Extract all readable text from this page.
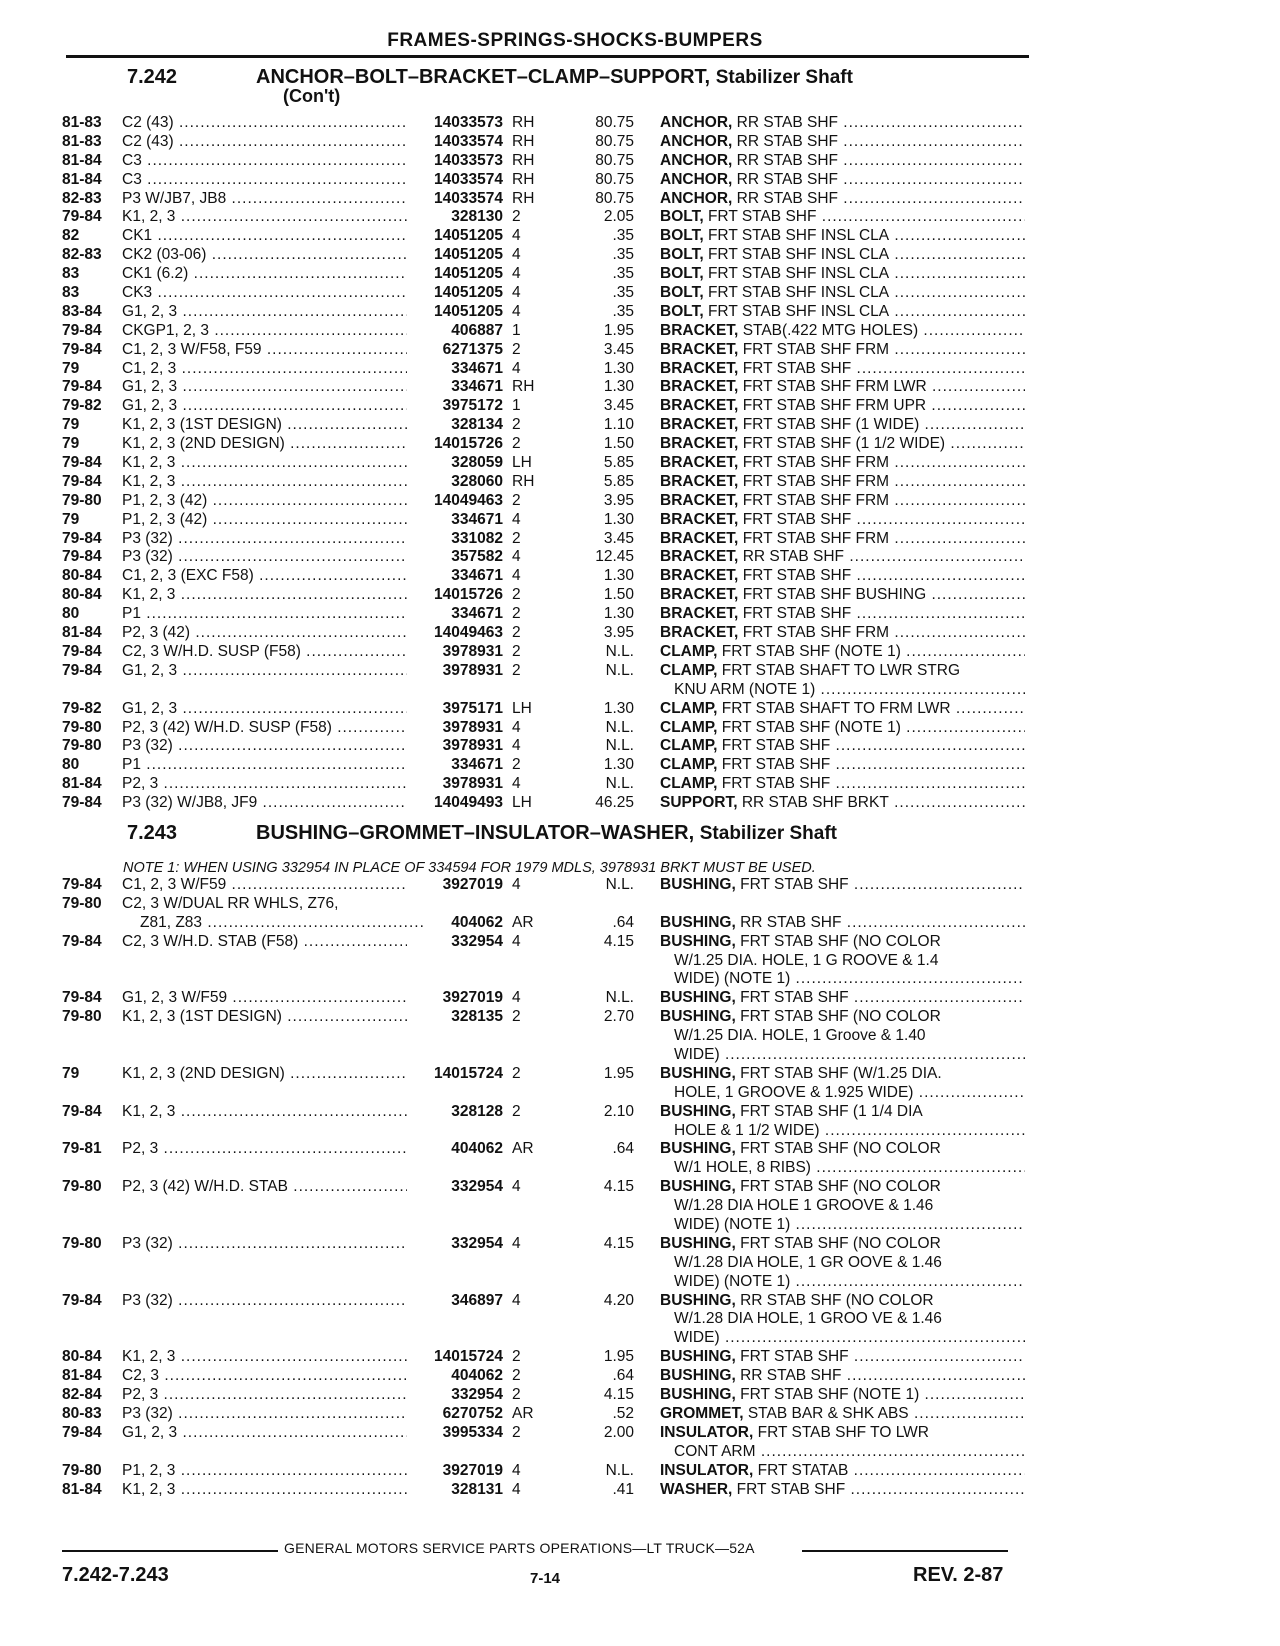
FRAMES-SPRINGS-SHOCKS-BUMPERS
7.242	ANCHOR–BOLT–BRACKET–CLAMP–SUPPORT, Stabilizer Shaft
(Con't)
81-83 C2 (43) .....	14033573 RH	80.75 ANCHOR, RR STAB SHF .....
81-83 C2 (43) .....	14033574 RH	80.75 ANCHOR, RR STAB SHF .....
81-84 C3 .....	14033573 RH	80.75 ANCHOR, RR STAB SHF .....
81-84 C3 .....	14033574 RH	80.75 ANCHOR, RR STAB SHF .....
82-83 P3 W/JB7, JB8 .....	14033574 RH	80.75 ANCHOR, RR STAB SHF .....
79-84 K1, 2, 3 .....	328130 2	2.05 BOLT, FRT STAB SHF .....
82	CK1 .....	14051205 4	.35 BOLT, FRT STAB SHF INSL CLA .....
82-83 CK2 (03-06) .....	14051205 4	.35 BOLT, FRT STAB SHF INSL CLA .....
83	CK1 (6.2) .....	14051205 4	.35 BOLT, FRT STAB SHF INSL CLA .....
83	CK3 .....	14051205 4	.35 BOLT, FRT STAB SHF INSL CLA .....
83-84 G1, 2, 3 .....	14051205 4	.35 BOLT, FRT STAB SHF INSL CLA .....
79-84 CKGP1, 2, 3 .....	406887 1	1.95 BRACKET, STAB(.422 MTG HOLES) .....
79-84 C1, 2, 3 W/F58, F59 .....	6271375 2	3.45 BRACKET, FRT STAB SHF FRM .....
79	C1, 2, 3 .....	334671 4	1.30 BRACKET, FRT STAB SHF .....
79-84 G1, 2, 3 .....	334671 RH	1.30 BRACKET, FRT STAB SHF FRM LWR .....
79-82 G1, 2, 3 .....	3975172 1	3.45 BRACKET, FRT STAB SHF FRM UPR .....
79	K1, 2, 3 (1ST DESIGN) .....	328134 2	1.10 BRACKET, FRT STAB SHF (1 WIDE) .....
79	K1, 2, 3 (2ND DESIGN) .....	14015726 2	1.50 BRACKET, FRT STAB SHF (1 1/2 WIDE) .....
79-84 K1, 2, 3 .....	328059 LH	5.85 BRACKET, FRT STAB SHF FRM .....
79-84 K1, 2, 3 .....	328060 RH	5.85 BRACKET, FRT STAB SHF FRM .....
79-80 P1, 2, 3 (42) .....	14049463 2	3.95 BRACKET, FRT STAB SHF FRM .....
79	P1, 2, 3 (42) .....	334671 4	1.30 BRACKET, FRT STAB SHF .....
79-84 P3 (32) .....	331082 2	3.45 BRACKET, FRT STAB SHF FRM .....
79-84 P3 (32) .....	357582 4	12.45 BRACKET, RR STAB SHF .....
80-84 C1, 2, 3 (EXC F58) .....	334671 4	1.30 BRACKET, FRT STAB SHF .....
80-84 K1, 2, 3 .....	14015726 2	1.50 BRACKET, FRT STAB SHF BUSHING .....
80	P1 .....	334671 2	1.30 BRACKET, FRT STAB SHF .....
81-84 P2, 3 (42) .....	14049463 2	3.95 BRACKET, FRT STAB SHF FRM .....
79-84 C2, 3 W/H.D. SUSP (F58) .....	3978931 2	N.L. CLAMP, FRT STAB SHF (NOTE 1) .....
79-84 G1, 2, 3 .....	3978931 2	N.L. CLAMP, FRT STAB SHAFT TO LWR STRG
KNU ARM (NOTE 1) .....
79-82 G1, 2, 3 .....	3975171 LH	1.30 CLAMP, FRT STAB SHAFT TO FRM LWR .....
79-80 P2, 3 (42) W/H.D. SUSP (F58) .....	3978931 4	N.L. CLAMP, FRT STAB SHF (NOTE 1) .....
79-80 P3 (32) .....	3978931 4	N.L. CLAMP, FRT STAB SHF .....
80	P1 .....	334671 2	1.30 CLAMP, FRT STAB SHF .....
81-84 P2, 3 .....	3978931 4	N.L. CLAMP, FRT STAB SHF .....
79-84 P3 (32) W/JB8, JF9 .....	14049493 LH	46.25 SUPPORT, RR STAB SHF BRKT .....
7.243	BUSHING–GROMMET–INSULATOR–WASHER, Stabilizer Shaft
NOTE 1: WHEN USING 332954 IN PLACE OF 334594 FOR 1979 MDLS, 3978931 BRKT MUST BE USED.
79-84 C1, 2, 3 W/F59 .....	3927019 4	N.L. BUSHING, FRT STAB SHF .....
79-80 C2, 3 W/DUAL RR WHLS, Z76,
Z81, Z83 .....	404062 AR	.64 BUSHING, RR STAB SHF .....
79-84 C2, 3 W/H.D. STAB (F58) .....	332954 4	4.15 BUSHING, FRT STAB SHF (NO COLOR
W/1.25 DIA. HOLE, 1 G ROOVE & 1.4
WIDE) (NOTE 1) .....
79-84 G1, 2, 3 W/F59 .....	3927019 4	N.L. BUSHING, FRT STAB SHF .....
79-80 K1, 2, 3 (1ST DESIGN) .....	328135 2	2.70 BUSHING, FRT STAB SHF (NO COLOR
W/1.25 DIA. HOLE, 1 Groove & 1.40
WIDE) .....
79	K1, 2, 3 (2ND DESIGN) .....	14015724 2	1.95 BUSHING, FRT STAB SHF (W/1.25 DIA.
HOLE, 1 GROOVE & 1.925 WIDE) .....
79-84 K1, 2, 3 .....	328128 2	2.10 BUSHING, FRT STAB SHF (1 1/4 DIA
HOLE & 1 1/2 WIDE) .....
79-81 P2, 3 .....	404062 AR	.64 BUSHING, FRT STAB SHF (NO COLOR
W/1 HOLE, 8 RIBS) .....
79-80 P2, 3 (42) W/H.D. STAB .....	332954 4	4.15 BUSHING, FRT STAB SHF (NO COLOR
W/1.28 DIA HOLE 1 GROOVE & 1.46
WIDE) (NOTE 1) .....
79-80 P3 (32) .....	332954 4	4.15 BUSHING, FRT STAB SHF (NO COLOR
W/1.28 DIA HOLE, 1 GR OOVE & 1.46
WIDE) (NOTE 1) .....
79-84 P3 (32) .....	346897 4	4.20 BUSHING, RR STAB SHF (NO COLOR
W/1.28 DIA HOLE, 1 GROO VE & 1.46
WIDE) .....
80-84 K1, 2, 3 .....	14015724 2	1.95 BUSHING, FRT STAB SHF .....
81-84 C2, 3 .....	404062 2	.64 BUSHING, RR STAB SHF .....
82-84 P2, 3 .....	332954 2	4.15 BUSHING, FRT STAB SHF (NOTE 1) .....
80-83 P3 (32) .....	6270752 AR	.52 GROMMET, STAB BAR & SHK ABS .....
79-84 G1, 2, 3 .....	3995334 2	2.00 INSULATOR, FRT STAB SHF TO LWR
CONT ARM .....
79-80 P1, 2, 3 .....	3927019 4	N.L. INSULATOR, FRT STATAB .....
81-84 K1, 2, 3 .....	328131 4	.41 WASHER, FRT STAB SHF .....
GENERAL MOTORS SERVICE PARTS OPERATIONS—LT TRUCK—52A
7.242-7.243	7-14	REV. 2-87
